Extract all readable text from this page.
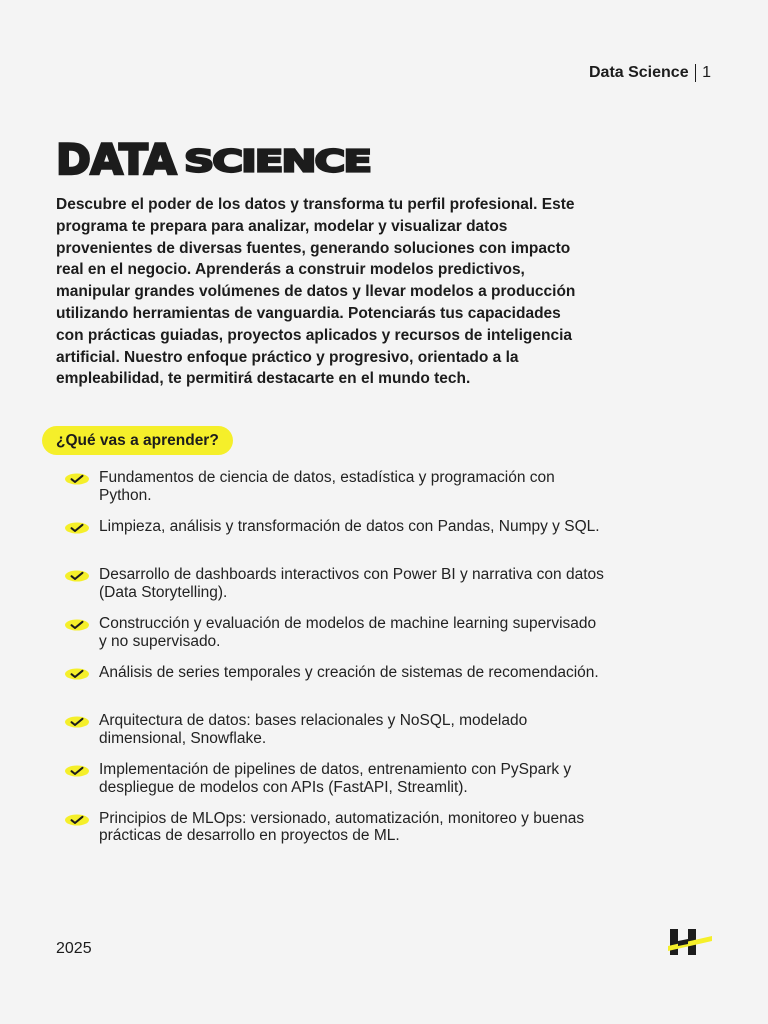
Data Science 1
DATA SCIENCE

Descubre el poder de los datos y transforma tu perfil profesional. Este programa te prepara para analizar, modelar y visualizar datos provenientes de diversas fuentes, generando soluciones con impacto real en el negocio. Aprenderás a construir modelos predictivos, manipular grandes volúmenes de datos y llevar modelos a producción utilizando herramientas de vanguardia. Potenciarás tus capacidades con prácticas guiadas, proyectos aplicados y recursos de inteligencia artificial. Nuestro enfoque práctico y progresivo, orientado a la empleabilidad, te permitirá destacarte en el mundo tech.

¿Qué vas a aprender?
Fundamentos de ciencia de datos, estadística y programación con Python.
Limpieza, análisis y transformación de datos con Pandas, Numpy y SQL.
Desarrollo de dashboards interactivos con Power BI y narrativa con datos (Data Storytelling).
Construcción y evaluación de modelos de machine learning supervisado y no supervisado.
Análisis de series temporales y creación de sistemas de recomendación.
Arquitectura de datos: bases relacionales y NoSQL, modelado dimensional, Snowflake.
Implementación de pipelines de datos, entrenamiento con PySpark y despliegue de modelos con APIs (FastAPI, Streamlit).
Principios de MLOps: versionado, automatización, monitoreo y buenas prácticas de desarrollo en proyectos de ML.
2025
